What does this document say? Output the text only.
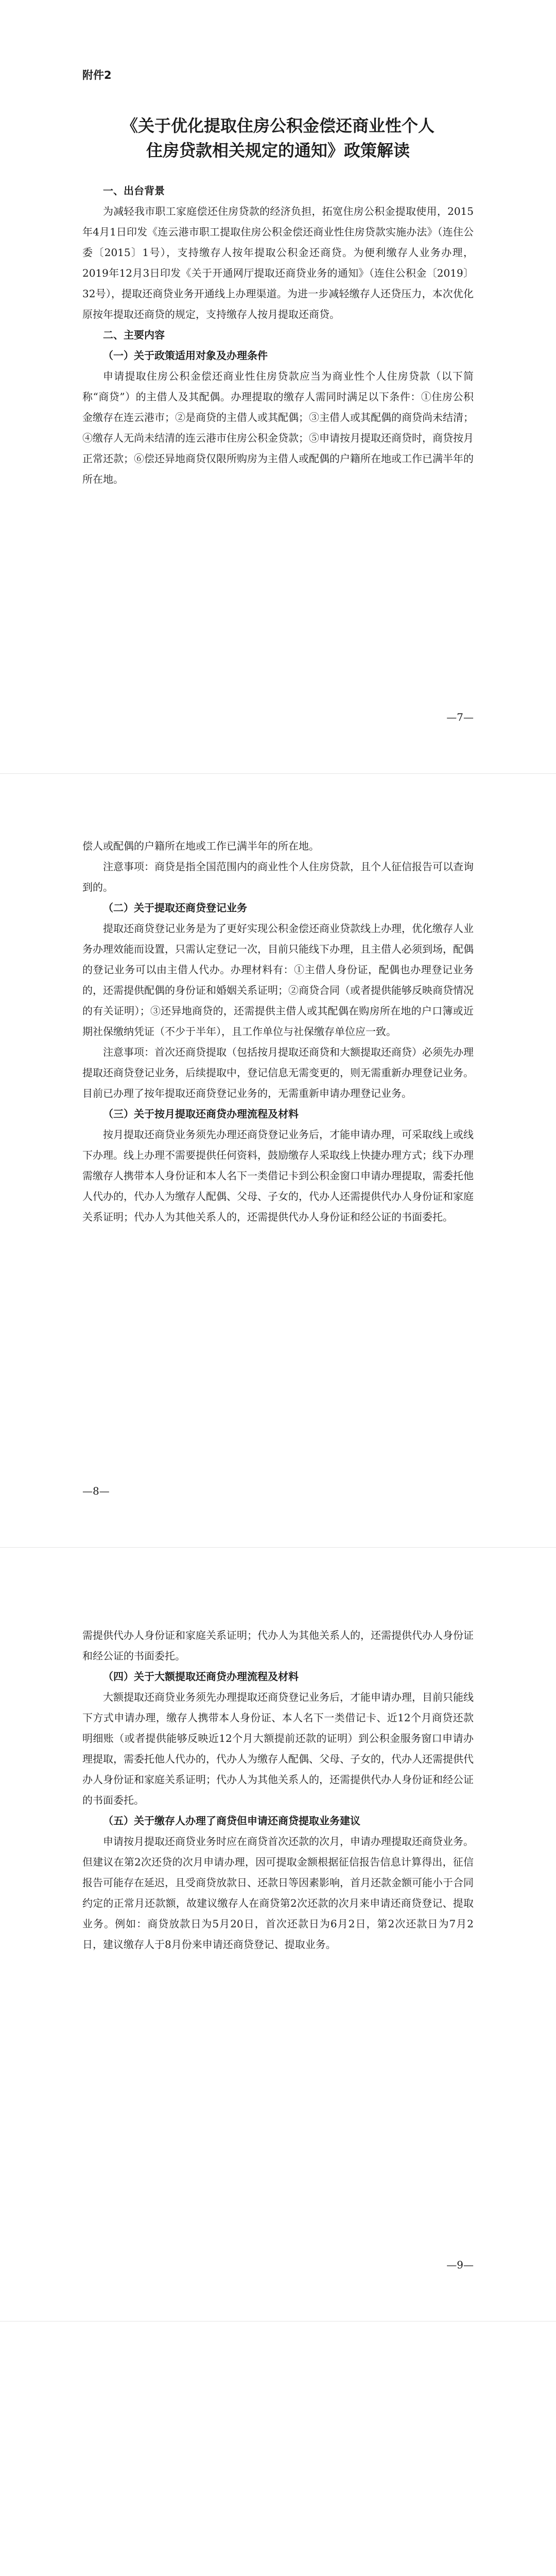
附件2

《关于优化提取住房公积金偿还商业性个人
住房贷款相关规定的通知》政策解读

一、出台背景

为减轻我市职工家庭偿还住房贷款的经济负担，拓宽住房公积金提取使用，2015年4月1日印发《连云港市职工提取住房公积金偿还商业性住房贷款实施办法》（连住公委〔2015〕1号），支持缴存人按年提取公积金还商贷。为便利缴存人业务办理，2019年12月3日印发《关于开通网厅提取还商贷业务的通知》（连住公积金〔2019〕32号），提取还商贷业务开通线上办理渠道。为进一步减轻缴存人还贷压力，本次优化原按年提取还商贷的规定，支持缴存人按月提取还商贷。

二、主要内容

（一）关于政策适用对象及办理条件

申请提取住房公积金偿还商业性住房贷款应当为商业性个人住房贷款（以下简称“商贷”）的主借人及其配偶。办理提取的缴存人需同时满足以下条件：①住房公积金缴存在连云港市；②是商贷的主借人或其配偶；③主借人或其配偶的商贷尚未结清；④缴存人无尚未结清的连云港市住房公积金贷款；⑤申请按月提取还商贷时，商贷按月正常还款；⑥偿还异地商贷仅限所购房为主借人或配偶的户籍所在地或工作已满半年的所在地。

—7—

偿人或配偶的户籍所在地或工作已满半年的所在地。

注意事项：商贷是指全国范围内的商业性个人住房贷款，且个人征信报告可以查询到的。

（二）关于提取还商贷登记业务

提取还商贷登记业务是为了更好实现公积金偿还商业贷款线上办理，优化缴存人业务办理效能而设置，只需认定登记一次，目前只能线下办理，且主借人必须到场，配偶的登记业务可以由主借人代办。办理材料有：①主借人身份证，配偶也办理登记业务的，还需提供配偶的身份证和婚姻关系证明；②商贷合同（或者提供能够反映商贷情况的有关证明）；③还异地商贷的，还需提供主借人或其配偶在购房所在地的户口簿或近期社保缴纳凭证（不少于半年），且工作单位与社保缴存单位应一致。

注意事项：首次还商贷提取（包括按月提取还商贷和大额提取还商贷）必须先办理提取还商贷登记业务，后续提取中，登记信息无需变更的，则无需重新办理登记业务。目前已办理了按年提取还商贷登记业务的，无需重新申请办理登记业务。

（三）关于按月提取还商贷办理流程及材料

按月提取还商贷业务须先办理还商贷登记业务后，才能申请办理，可采取线上或线下办理。线上办理不需要提供任何资料，鼓励缴存人采取线上快捷办理方式；线下办理需缴存人携带本人身份证和本人名下一类借记卡到公积金窗口申请办理提取，需委托他人代办的，代办人为缴存人配偶、父母、子女的，代办人还需提供代办人身份证和家庭关系证明；代办人为其他关系人的，还需提供代办人身份证和经公证的书面委托。

—8—

需提供代办人身份证和家庭关系证明；代办人为其他关系人的，还需提供代办人身份证和经公证的书面委托。

（四）关于大额提取还商贷办理流程及材料

大额提取还商贷业务须先办理提取还商贷登记业务后，才能申请办理，目前只能线下方式申请办理，缴存人携带本人身份证、本人名下一类借记卡、近12个月商贷还款明细账（或者提供能够反映近12个月大额提前还款的证明）到公积金服务窗口申请办理提取，需委托他人代办的，代办人为缴存人配偶、父母、子女的，代办人还需提供代办人身份证和家庭关系证明；代办人为其他关系人的，还需提供代办人身份证和经公证的书面委托。

（五）关于缴存人办理了商贷但申请还商贷提取业务建议

申请按月提取还商贷业务时应在商贷首次还款的次月，申请办理提取还商贷业务。但建议在第2次还贷的次月申请办理，因可提取金额根据征信报告信息计算得出，征信报告可能存在延迟，且受商贷放款日、还款日等因素影响，首月还款金额可能小于合同约定的正常月还款额，故建议缴存人在商贷第2次还款的次月来申请还商贷登记、提取业务。例如：商贷放款日为5月20日，首次还款日为6月2日，第2次还款日为7月2日，建议缴存人于8月份来申请还商贷登记、提取业务。

—9—
